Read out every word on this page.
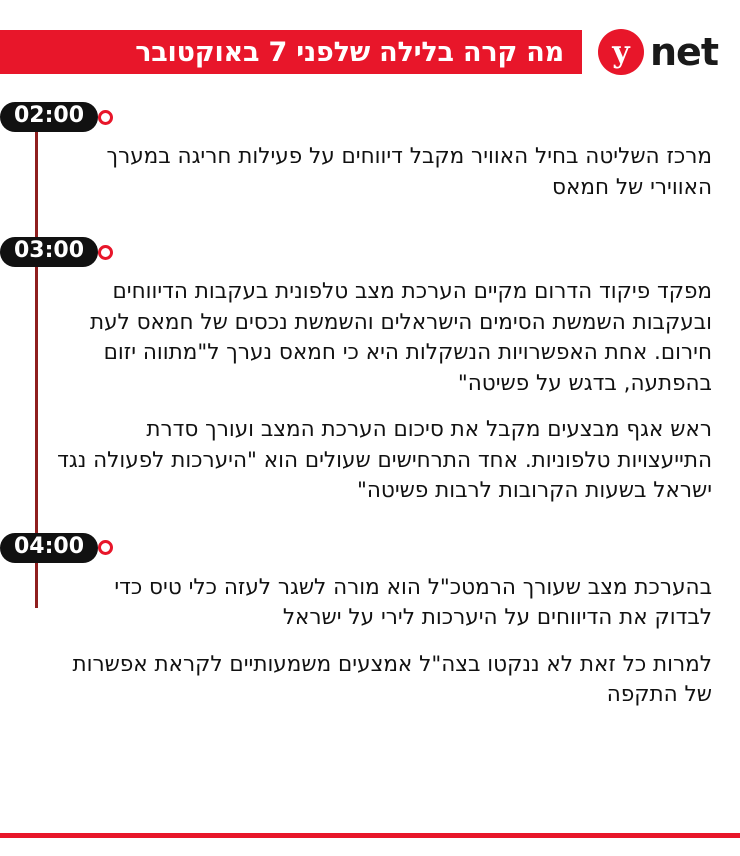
y net
מה קרה בלילה שלפני 7 באוקטובר
02:00

מרכז השליטה בחיל האוויר מקבל דיווחים על פעילות חריגה במערך האווירי של חמאס

03:00

מפקד פיקוד הדרום מקיים הערכת מצב טלפונית בעקבות הדיווחים ובעקבות השמשת הסימים הישראלים והשמשת נכסים של חמאס לעת חירום. אחת האפשרויות הנשקלות היא כי חמאס נערך ל"מתווה יזום בהפתעה, בדגש על פשיטה"

ראש אגף מבצעים מקבל את סיכום הערכת המצב ועורך סדרת התייעצויות טלפוניות. אחד התרחישים שעולים הוא "היערכות לפעולה נגד ישראל בשעות הקרובות לרבות פשיטה"

04:00

בהערכת מצב שעורך הרמטכ"ל הוא מורה לשגר לעזה כלי טיס כדי לבדוק את הדיווחים על היערכות לירי על ישראל

למרות כל זאת לא ננקטו בצה"ל אמצעים משמעותיים לקראת אפשרות של התקפה
